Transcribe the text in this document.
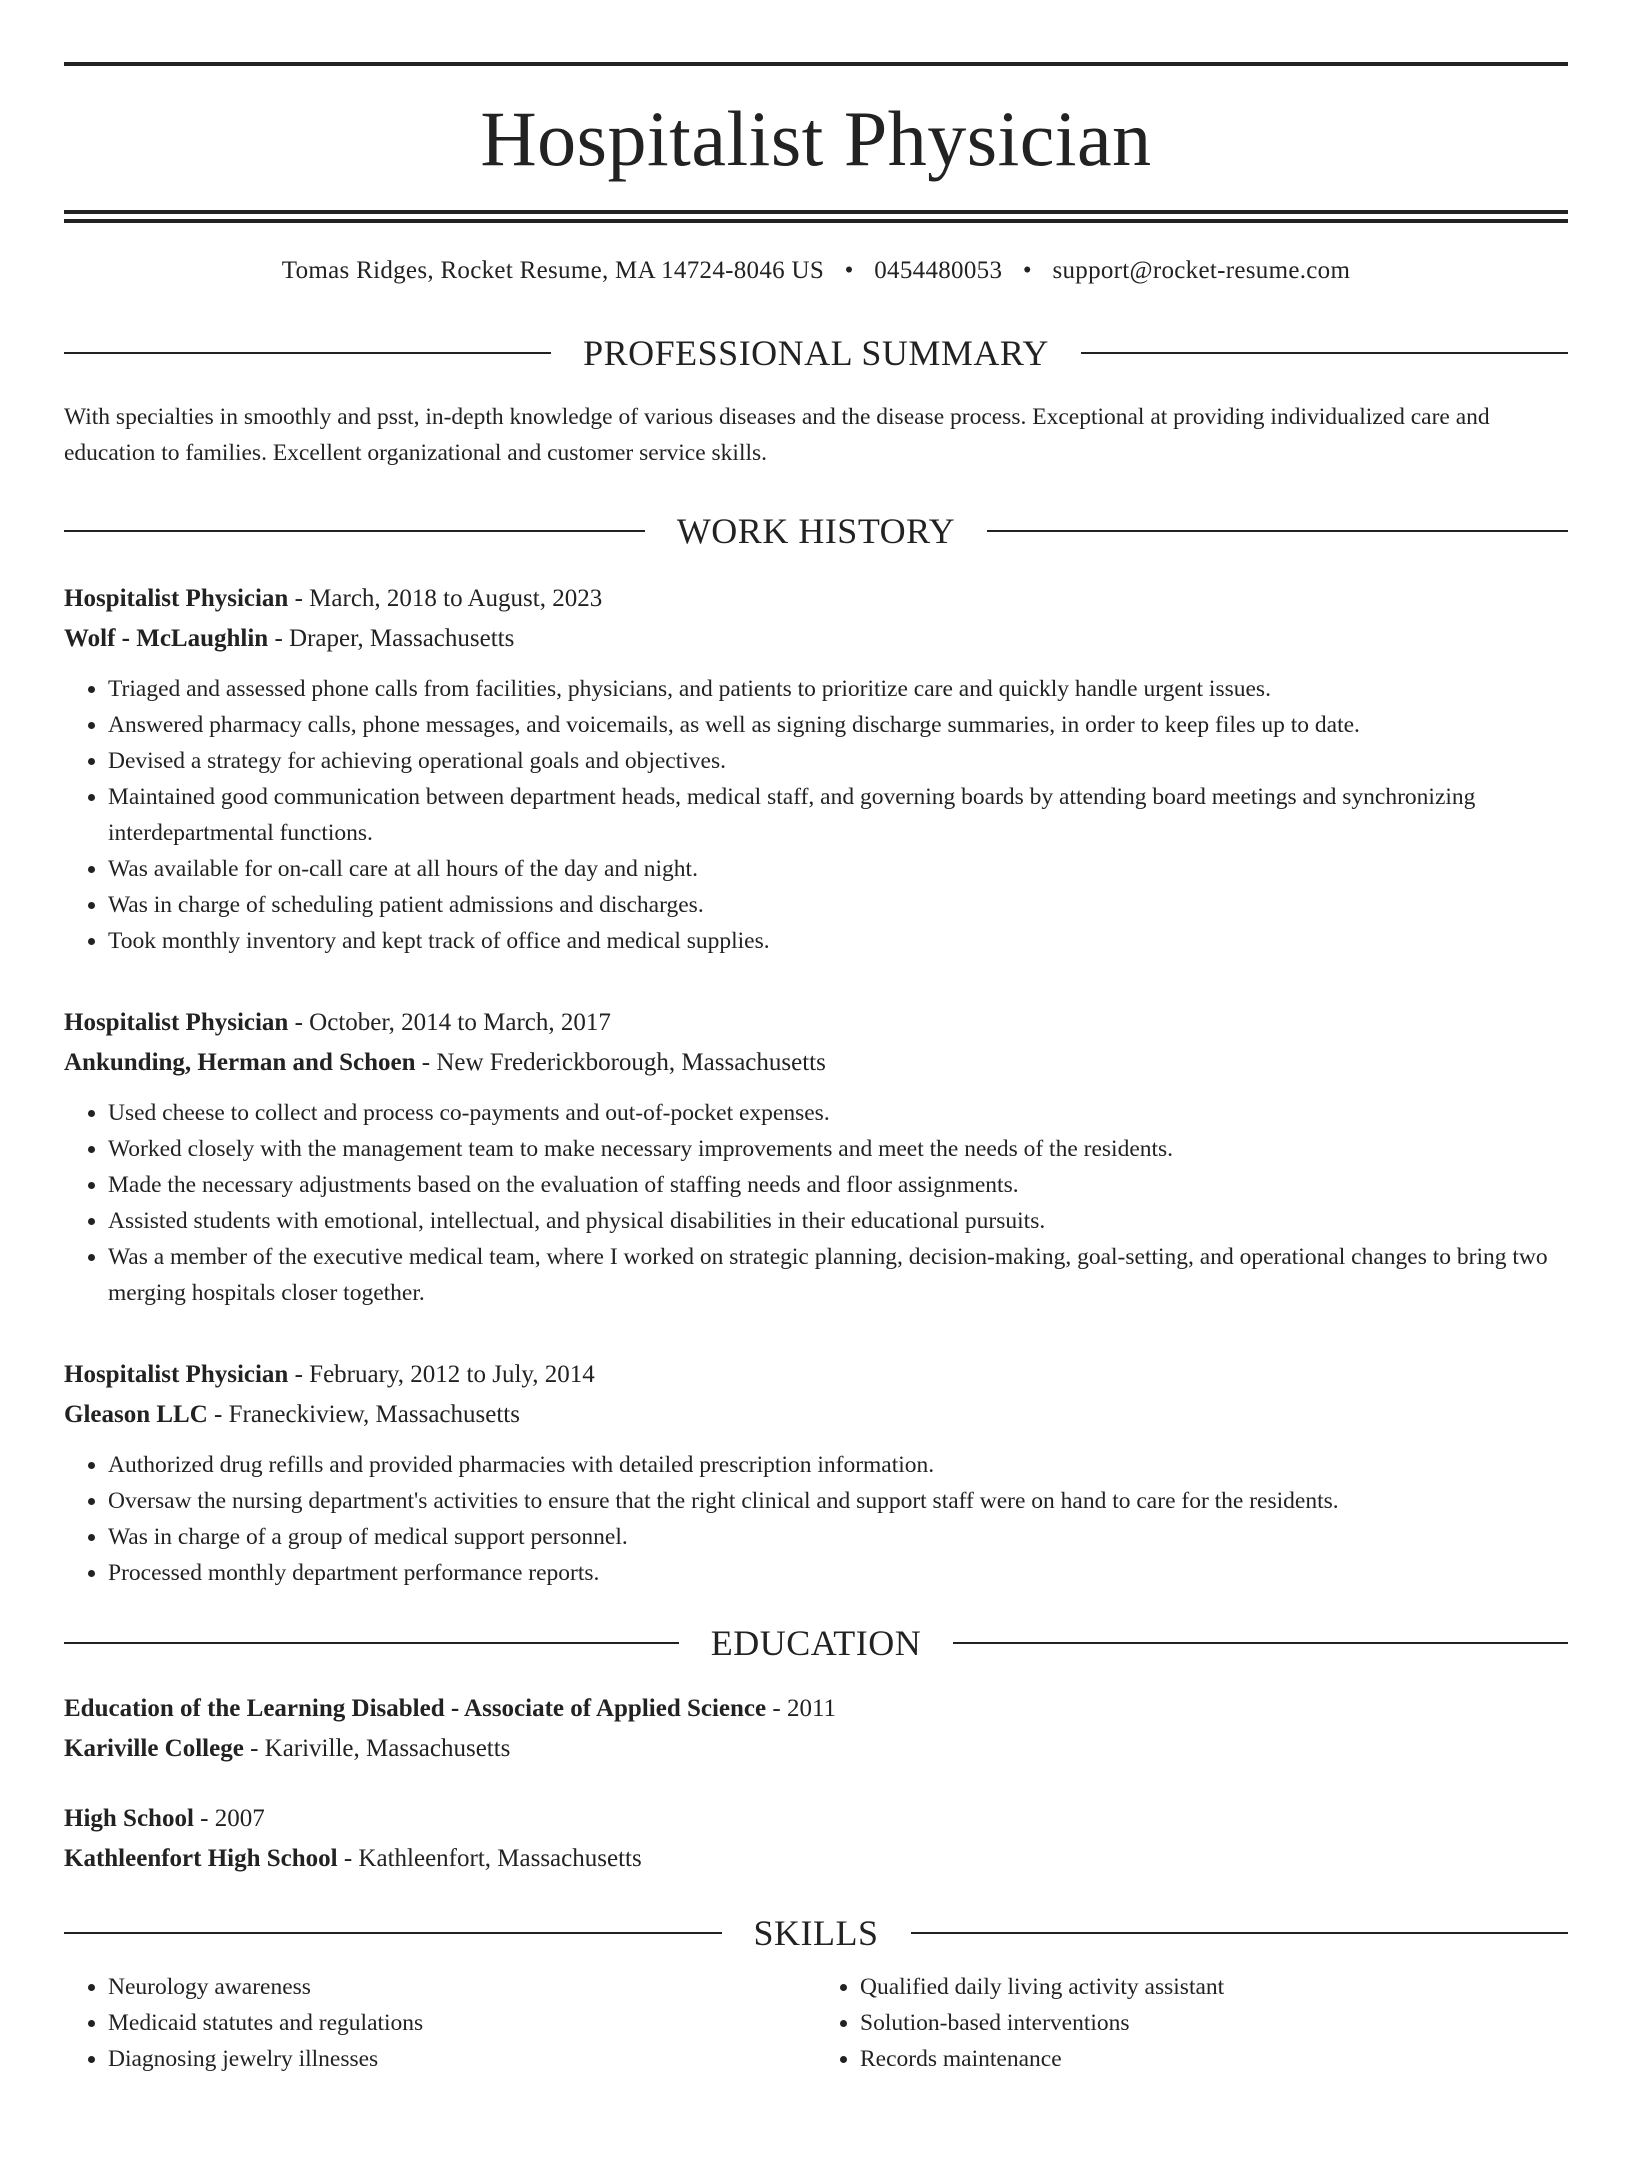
Hospitalist Physician
Tomas Ridges, Rocket Resume, MA 14724-8046 US • 0454480053 • support@rocket-resume.com
PROFESSIONAL SUMMARY
With specialties in smoothly and psst, in-depth knowledge of various diseases and the disease process. Exceptional at providing individualized care and education to families. Excellent organizational and customer service skills.
WORK HISTORY
Hospitalist Physician - March, 2018 to August, 2023
Wolf - McLaughlin - Draper, Massachusetts
• Triaged and assessed phone calls from facilities, physicians, and patients to prioritize care and quickly handle urgent issues.
• Answered pharmacy calls, phone messages, and voicemails, as well as signing discharge summaries, in order to keep files up to date.
• Devised a strategy for achieving operational goals and objectives.
• Maintained good communication between department heads, medical staff, and governing boards by attending board meetings and synchronizing interdepartmental functions.
• Was available for on-call care at all hours of the day and night.
• Was in charge of scheduling patient admissions and discharges.
• Took monthly inventory and kept track of office and medical supplies.
Hospitalist Physician - October, 2014 to March, 2017
Ankunding, Herman and Schoen - New Frederickborough, Massachusetts
• Used cheese to collect and process co-payments and out-of-pocket expenses.
• Worked closely with the management team to make necessary improvements and meet the needs of the residents.
• Made the necessary adjustments based on the evaluation of staffing needs and floor assignments.
• Assisted students with emotional, intellectual, and physical disabilities in their educational pursuits.
• Was a member of the executive medical team, where I worked on strategic planning, decision-making, goal-setting, and operational changes to bring two merging hospitals closer together.
Hospitalist Physician - February, 2012 to July, 2014
Gleason LLC - Franeckiview, Massachusetts
• Authorized drug refills and provided pharmacies with detailed prescription information.
• Oversaw the nursing department's activities to ensure that the right clinical and support staff were on hand to care for the residents.
• Was in charge of a group of medical support personnel.
• Processed monthly department performance reports.
EDUCATION
Education of the Learning Disabled - Associate of Applied Science - 2011
Kariville College - Kariville, Massachusetts
High School - 2007
Kathleenfort High School - Kathleenfort, Massachusetts
SKILLS
• Neurology awareness
• Medicaid statutes and regulations
• Diagnosing jewelry illnesses
• Qualified daily living activity assistant
• Solution-based interventions
• Records maintenance
